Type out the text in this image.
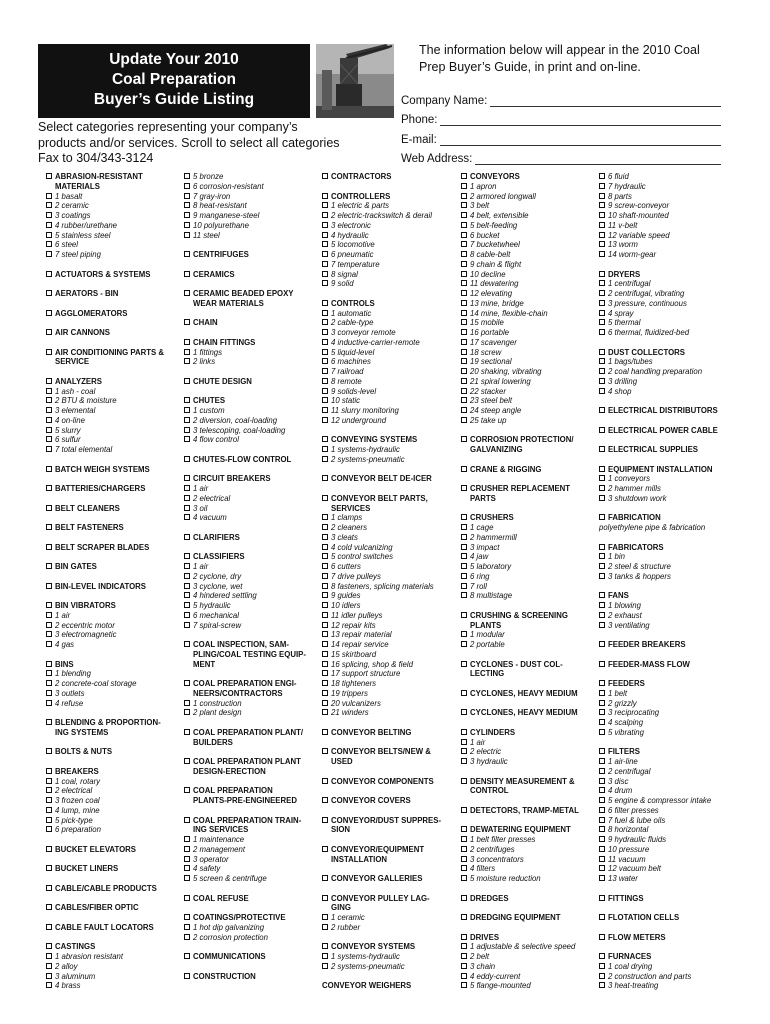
Update Your 2010
Coal Preparation
Buyer’s Guide Listing
The information below will appear in the 2010 Coal
Prep Buyer’s Guide, in print and on-line.
Company Name:
Phone:
E-mail:
Web Address:
Select categories representing your company’s
products and/or services. Scroll to select all categories
Fax to 304/343-3124
ABRASION-RESISTANT
MATERIALS
1 basalt
2 ceramic
3 coatings
4 rubber/urethane
5 stainless steel
6 steel
7 steel piping
ACTUATORS & SYSTEMS
AERATORS - BIN
AGGLOMERATORS
AIR CANNONS
AIR CONDITIONING PARTS &
SERVICE
ANALYZERS
1 ash - coal
2 BTU & moisture
3 elemental
4 on-line
5 slurry
6 sulfur
7 total elemental
BATCH WEIGH SYSTEMS
BATTERIES/CHARGERS
BELT CLEANERS
BELT FASTENERS
BELT SCRAPER BLADES
BIN GATES
BIN-LEVEL INDICATORS
BIN VIBRATORS
1 air
2 eccentric motor
3 electromagnetic
4 gas
BINS
1 blending
2 concrete-coal storage
3 outlets
4 refuse
BLENDING & PROPORTION-
ING SYSTEMS
BOLTS & NUTS
BREAKERS
1 coal, rotary
2 electrical
3 frozen coal
4 lump, mine
5 pick-type
6 preparation
BUCKET ELEVATORS
BUCKET LINERS
CABLE/CABLE PRODUCTS
CABLES/FIBER OPTIC
CABLE FAULT LOCATORS
CASTINGS
1 abrasion resistant
2 alloy
3 aluminum
4 brass
5 bronze
6 corrosion-resistant
7 gray-iron
8 heat-resistant
9 manganese-steel
10 polyurethane
11 steel
CENTRIFUGES
CERAMICS
CERAMIC BEADED EPOXY
WEAR MATERIALS
CHAIN
CHAIN FITTINGS
1 fittings
2 links
CHUTE DESIGN
CHUTES
1 custom
2 diversion, coal-loading
3 telescoping, coal-loading
4 flow control
CHUTES-FLOW CONTROL
CIRCUIT BREAKERS
1 air
2 electrical
3 oil
4 vacuum
CLARIFIERS
CLASSIFIERS
1 air
2 cyclone, dry
3 cyclone, wet
4 hindered settling
5 hydraulic
6 mechanical
7 spiral-screw
COAL INSPECTION, SAM-
PLING/COAL TESTING EQUIP-
MENT
COAL PREPARATION ENGI-
NEERS/CONTRACTORS
1 construction
2 plant design
COAL PREPARATION PLANT/
BUILDERS
COAL PREPARATION PLANT
DESIGN-ERECTION
COAL PREPARATION
PLANTS-PRE-ENGINEERED
COAL PREPARATION TRAIN-
ING SERVICES
1 maintenance
2 management
3 operator
4 safety
5 screen & centrifuge
COAL REFUSE
COATINGS/PROTECTIVE
1 hot dip galvanizing
2 corrosion protection
COMMUNICATIONS
CONSTRUCTION
CONTRACTORS
CONTROLLERS
1 electric & parts
2 electric-trackswitch & derail
3 electronic
4 hydraulic
5 locomotive
6 pneumatic
7 temperature
8 signal
9 solid
CONTROLS
1 automatic
2 cable-type
3 conveyor remote
4 inductive-carrier-remote
5 liquid-level
6 machines
7 railroad
8 remote
9 solids-level
10 static
11 slurry monitoring
12 underground
CONVEYING SYSTEMS
1 systems-hydraulic
2 systems-pneumatic
CONVEYOR BELT DE-ICER
CONVEYOR BELT PARTS,
SERVICES
1 clamps
2 cleaners
3 cleats
4 cold vulcanizing
5 control switches
6 cutters
7 drive pulleys
8 fasteners, splicing materials
9 guides
10 idlers
11 idler pulleys
12 repair kits
13 repair material
14 repair service
15 skirtboard
16 splicing, shop & field
17 support structure
18 tighteners
19 trippers
20 vulcanizers
21 winders
CONVEYOR BELTING
CONVEYOR BELTS/NEW &
USED
CONVEYOR COMPONENTS
CONVEYOR COVERS
CONVEYOR/DUST SUPPRES-
SION
CONVEYOR/EQUIPMENT
INSTALLATION
CONVEYOR GALLERIES
CONVEYOR PULLEY LAG-
GING
1 ceramic
2 rubber
CONVEYOR SYSTEMS
1 systems-hydraulic
2 systems-pneumatic
CONVEYOR WEIGHERS
CONVEYORS
1 apron
2 armored longwall
3 belt
4 belt, extensible
5 belt-feeding
6 bucket
7 bucketwheel
8 cable-belt
9 chain & flight
10 decline
11 dewatering
12 elevating
13 mine, bridge
14 mine, flexible-chain
15 mobile
16 portable
17 scavenger
18 screw
19 sectional
20 shaking, vibrating
21 spiral lowering
22 stacker
23 steel belt
24 steep angle
25 take up
CORROSION PROTECTION/
GALVANIZING
CRANE & RIGGING
CRUSHER REPLACEMENT
PARTS
CRUSHERS
1 cage
2 hammermill
3 impact
4 jaw
5 laboratory
6 ring
7 roll
8 multistage
CRUSHING & SCREENING
PLANTS
1 modular
2 portable
CYCLONES - DUST COL-
LECTING
CYCLONES, HEAVY MEDIUM
CYCLONES, HEAVY MEDIUM
CYLINDERS
1 air
2 electric
3 hydraulic
DENSITY MEASUREMENT &
CONTROL
DETECTORS, TRAMP-METAL
DEWATERING EQUIPMENT
1 belt filter presses
2 centrifuges
3 concentrators
4 filters
5 moisture reduction
DREDGES
DREDGING EQUIPMENT
DRIVES
1 adjustable & selective speed
2 belt
3 chain
4 eddy-current
5 flange-mounted
6 fluid
7 hydraulic
8 parts
9 screw-conveyor
10 shaft-mounted
11 v-belt
12 variable speed
13 worm
14 worm-gear
DRYERS
1 centrifugal
2 centrifugal, vibrating
3 pressure, continuous
4 spray
5 thermal
6 thermal, fluidized-bed
DUST COLLECTORS
1 bags/tubes
2 coal handling preparation
3 drilling
4 shop
ELECTRICAL DISTRIBUTORS
ELECTRICAL POWER CABLE
ELECTRICAL SUPPLIES
EQUIPMENT INSTALLATION
1 conveyors
2 hammer mills
3 shutdown work
FABRICATION
polyethylene pipe & fabrication
FABRICATORS
1 bin
2 steel & structure
3 tanks & hoppers
FANS
1 blowing
2 exhaust
3 ventilating
FEEDER BREAKERS
FEEDER-MASS FLOW
FEEDERS
1 belt
2 grizzly
3 reciprocating
4 scalping
5 vibrating
FILTERS
1 air-line
2 centrifugal
3 disc
4 drum
5 engine & compressor intake
6 filter presses
7 fuel & lube oils
8 horizontal
9 hydraulic fluids
10 pressure
11 vacuum
12 vacuum belt
13 water
FITTINGS
FLOTATION CELLS
FLOW METERS
FURNACES
1 coal drying
2 construction and parts
3 heat-treating
